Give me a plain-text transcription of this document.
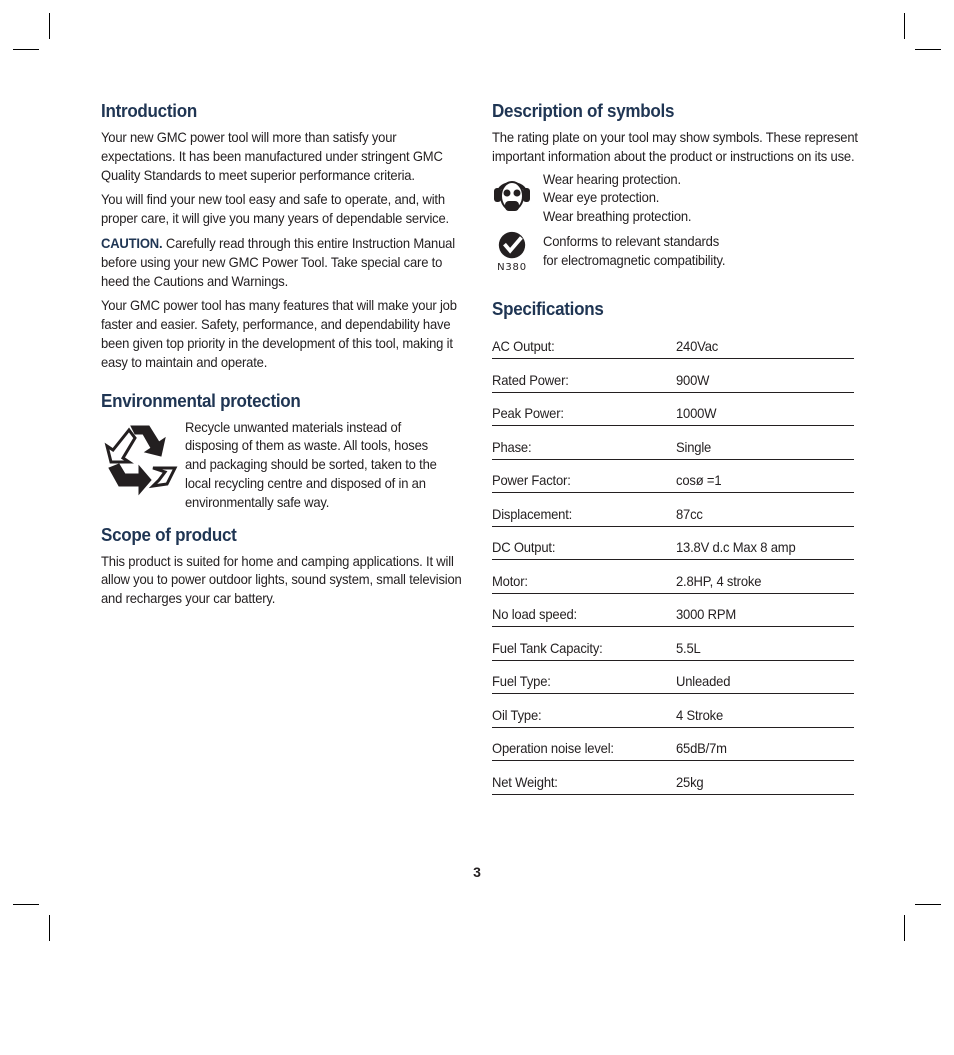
Introduction

Your new GMC power tool will more than satisfy your expectations. It has been manufactured under stringent GMC Quality Standards to meet superior performance criteria.

You will find your new tool easy and safe to operate, and, with proper care, it will give you many years of dependable service.

CAUTION. Carefully read through this entire Instruction Manual before using your new GMC Power Tool. Take special care to heed the Cautions and Warnings.

Your GMC power tool has many features that will make your job faster and easier. Safety, performance, and dependability have been given top priority in the development of this tool, making it easy to maintain and operate.

Environmental protection

Recycle unwanted materials instead of disposing of them as waste. All tools, hoses and packaging should be sorted, taken to the local recycling centre and disposed of in an environmentally safe way.

Scope of product

This product is suited for home and camping applications. It will allow you to power outdoor lights, sound system, small television and recharges your car battery.

Description of symbols

The rating plate on your tool may show symbols. These represent important information about the product or instructions on its use.

Wear hearing protection.

Wear eye protection.

Wear breathing protection.

N380

Conforms to relevant standards

for electromagnetic compatibility.

Specifications
AC Output:	240Vac
Rated Power:	900W
Peak Power:	1000W
Phase:	Single
Power Factor:	cosø =1
Displacement:	87cc
DC Output:	13.8V d.c Max 8 amp
Motor:	2.8HP, 4 stroke
No load speed:	3000 RPM
Fuel Tank Capacity:	5.5L
Fuel Type:	Unleaded
Oil Type:	4 Stroke
Operation noise level:	65dB/7m
Net Weight:	25kg
3
